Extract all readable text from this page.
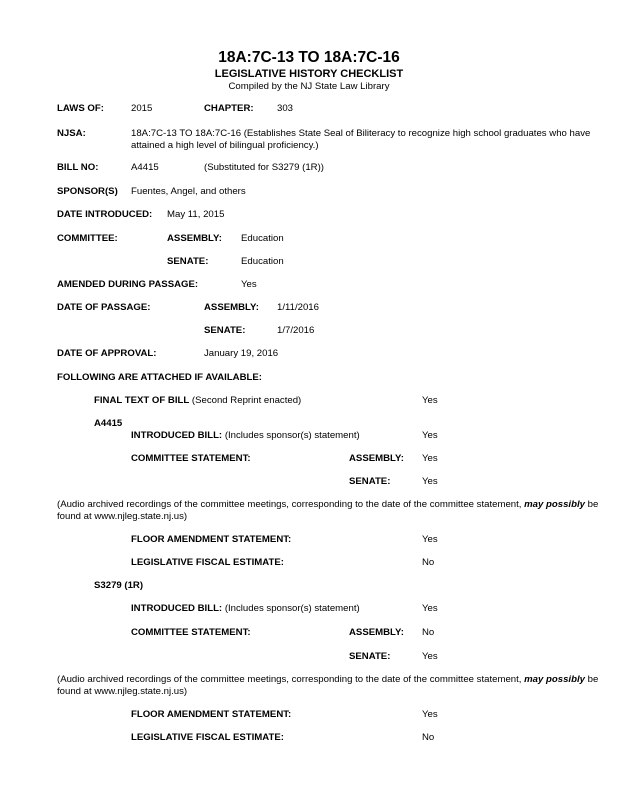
18A:7C-13 TO 18A:7C-16
LEGISLATIVE HISTORY CHECKLIST
Compiled by the NJ State Law Library
LAWS OF:	2015	CHAPTER: 303
NJSA:	18A:7C-13 TO 18A:7C-16 (Establishes State Seal of Biliteracy to recognize high school graduates who have attained a high level of bilingual proficiency.)
BILL NO:	A4415	(Substituted for S3279 (1R))
SPONSOR(S) Fuentes, Angel, and others
DATE INTRODUCED: May 11, 2015
COMMITTEE:	ASSEMBLY: Education
SENATE:	Education
AMENDED DURING PASSAGE:	Yes
DATE OF PASSAGE:	ASSEMBLY: 1/11/2016
SENATE:	1/7/2016
DATE OF APPROVAL:	January 19, 2016
FOLLOWING ARE ATTACHED IF AVAILABLE:
FINAL TEXT OF BILL (Second Reprint enacted)	Yes
A4415
INTRODUCED BILL: (Includes sponsor(s) statement)	Yes
COMMITTEE STATEMENT:	ASSEMBLY: Yes
SENATE:	Yes
(Audio archived recordings of the committee meetings, corresponding to the date of the committee statement, may possibly be found at www.njleg.state.nj.us)
FLOOR AMENDMENT STATEMENT:	Yes
LEGISLATIVE FISCAL ESTIMATE:	No
S3279 (1R)
INTRODUCED BILL: (Includes sponsor(s) statement)	Yes
COMMITTEE STATEMENT:	ASSEMBLY: No
SENATE:	Yes
(Audio archived recordings of the committee meetings, corresponding to the date of the committee statement, may possibly be found at www.njleg.state.nj.us)
FLOOR AMENDMENT STATEMENT:	Yes
LEGISLATIVE FISCAL ESTIMATE:	No
